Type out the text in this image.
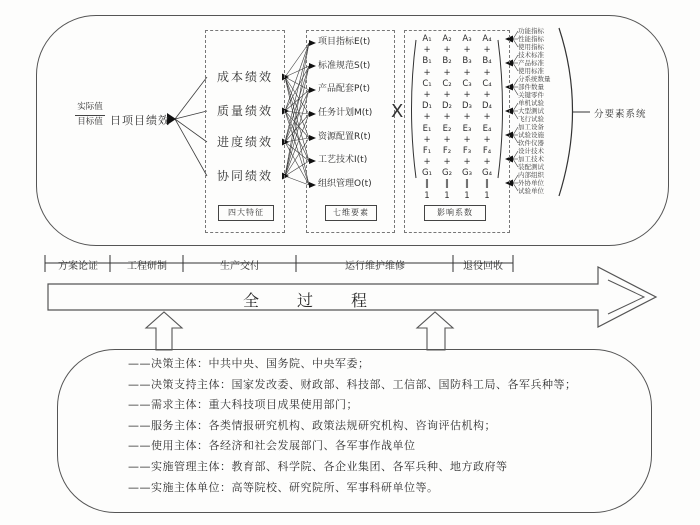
实际值
目标值 日项目绩效
成本绩效
质量绩效
进度绩效
协同绩效
四大特征
项目指标E(t)
标准规范S(t)
产品配套P(t)
任务计划M(t)
资源配置R(t)
工艺技术I(t)
组织管理O(t)
七维要素
X
A₁
+
B₁
+
C₁
+
D₁
+
E₁
+
F₁
+
G₁
‖
1
A₂
+
B₂
+
C₂
+
D₂
+
E₂
+
F₂
+
G₂
‖
1
A₃
+
B₃
+
C₃
+
D₃
+
E₃
+
F₃
+
G₃
‖
1
A₄
+
B₄
+
C₄
+
D₄
+
E₄
+
F₄
+
G₄
‖
1
影响系数
功能指标
性能指标
使用指标
技术标准
产品标准
使用标准
分系统数量
部件数量
关键零件
单机试验
大型测试
飞行试验
加工设备
试验设施
软件仪器
设计技术
加工技术
装配测试
内部组织
外协单位
试验单位
分要素系统
方案论证	工程研制	生产交付	运行维护维修	退役回收
全过程
——决策主体：中共中央、国务院、中央军委；
——决策支持主体：国家发改委、财政部、科技部、工信部、国防科工局、各军兵种等；
——需求主体：重大科技项目成果使用部门；
——服务主体：各类情报研究机构、政策法规研究机构、咨询评估机构；
——使用主体：各经济和社会发展部门、各军事作战单位
——实施管理主体：教育部、科学院、各企业集团、各军兵种、地方政府等
——实施主体单位：高等院校、研究院所、军事科研单位等。
